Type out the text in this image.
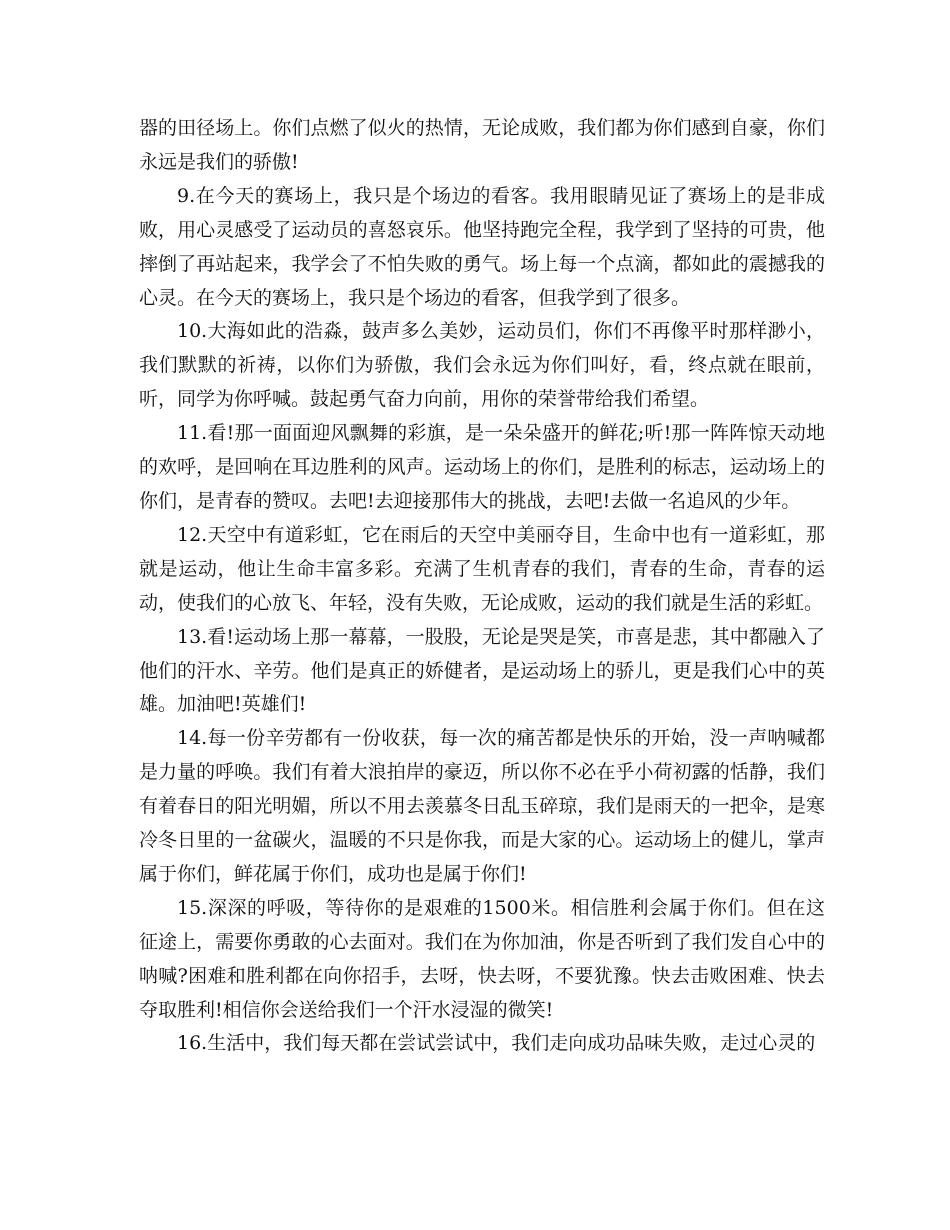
器的田径场上。你们点燃了似火的热情，无论成败，我们都为你们感到自豪，你们永远是我们的骄傲!

9.在今天的赛场上，我只是个场边的看客。我用眼睛见证了赛场上的是非成败，用心灵感受了运动员的喜怒哀乐。他坚持跑完全程，我学到了坚持的可贵，他摔倒了再站起来，我学会了不怕失败的勇气。场上每一个点滴，都如此的震撼我的心灵。在今天的赛场上，我只是个场边的看客，但我学到了很多。

10.大海如此的浩淼，鼓声多么美妙，运动员们，你们不再像平时那样渺小，我们默默的祈祷，以你们为骄傲，我们会永远为你们叫好，看，终点就在眼前，听，同学为你呼喊。鼓起勇气奋力向前，用你的荣誉带给我们希望。

11.看!那一面面迎风飘舞的彩旗，是一朵朵盛开的鲜花;听!那一阵阵惊天动地的欢呼，是回响在耳边胜利的风声。运动场上的你们，是胜利的标志，运动场上的你们，是青春的赞叹。去吧!去迎接那伟大的挑战，去吧!去做一名追风的少年。

12.天空中有道彩虹，它在雨后的天空中美丽夺目，生命中也有一道彩虹，那就是运动，他让生命丰富多彩。充满了生机青春的我们，青春的生命，青春的运动，使我们的心放飞、年轻，没有失败，无论成败，运动的我们就是生活的彩虹。

13.看!运动场上那一幕幕，一股股，无论是哭是笑，市喜是悲，其中都融入了他们的汗水、辛劳。他们是真正的娇健者，是运动场上的骄儿，更是我们心中的英雄。加油吧!英雄们!

14.每一份辛劳都有一份收获，每一次的痛苦都是快乐的开始，没一声呐喊都是力量的呼唤。我们有着大浪拍岸的豪迈，所以你不必在乎小荷初露的恬静，我们有着春日的阳光明媚，所以不用去羡慕冬日乱玉碎琼，我们是雨天的一把伞，是寒冷冬日里的一盆碳火，温暖的不只是你我，而是大家的心。运动场上的健儿，掌声属于你们，鲜花属于你们，成功也是属于你们!

15.深深的呼吸，等待你的是艰难的1500米。相信胜利会属于你们。但在这征途上，需要你勇敢的心去面对。我们在为你加油，你是否听到了我们发自心中的呐喊?困难和胜利都在向你招手，去呀，快去呀，不要犹豫。快去击败困难、快去夺取胜利!相信你会送给我们一个汗水浸湿的微笑!

16.生活中，我们每天都在尝试尝试中，我们走向成功品味失败，走过心灵的
